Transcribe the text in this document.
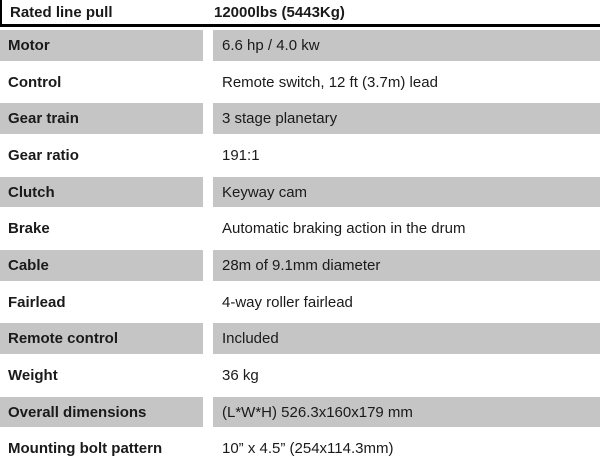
Rated line pull	12000lbs (5443Kg)
Motor	6.6 hp / 4.0 kw
Control	Remote switch, 12 ft (3.7m) lead
Gear train	3 stage planetary
Gear ratio	191:1
Clutch	Keyway cam
Brake	Automatic braking action in the drum
Cable	28m of 9.1mm diameter
Fairlead	4-way roller fairlead
Remote control	Included
Weight	36 kg
Overall dimensions	(L*W*H) 526.3x160x179 mm
Mounting bolt pattern	10” x 4.5” (254x114.3mm)
